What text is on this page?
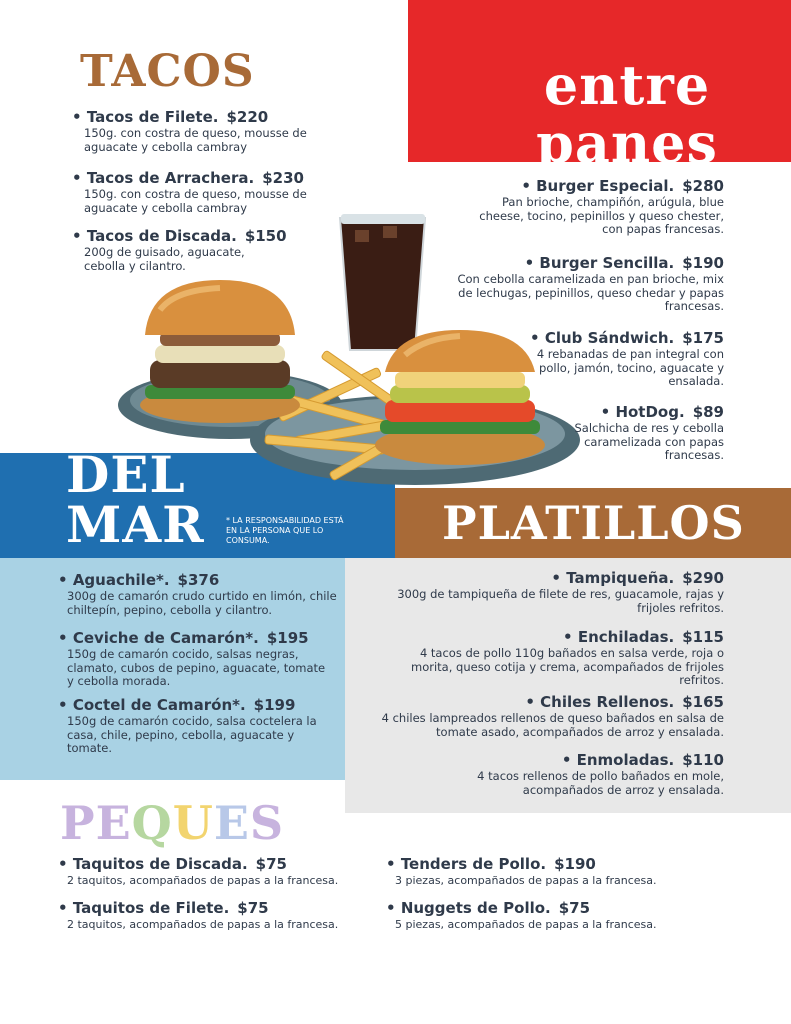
TACOS
• Tacos de Filete. $220
150g. con costra de queso, mousse de aguacate y cebolla cambray
• Tacos de Arrachera. $230
150g. con costra de queso, mousse de aguacate y cebolla cambray
• Tacos de Discada. $150
200g de guisado, aguacate, cebolla y cilantro.
entre
panes
• Burger Especial. $280
Pan brioche, champiñón, arúgula, blue cheese, tocino, pepinillos y queso chester, con papas francesas.
• Burger Sencilla. $190
Con cebolla caramelizada en pan brioche, mix de lechugas, pepinillos, queso chedar y papas francesas.
• Club Sándwich. $175
4 rebanadas de pan integral con pollo, jamón, tocino, aguacate y ensalada.
• HotDog. $89
Salchicha de res y cebolla caramelizada con papas francesas.
DEL
MAR	* LA RESPONSABILIDAD ESTÁ EN LA PERSONA QUE LO CONSUMA.
• Aguachile*. $376
300g de camarón crudo curtido en limón, chile chiltepín, pepino, cebolla y cilantro.
• Ceviche de Camarón*. $195
150g de camarón cocido, salsas negras, clamato, cubos de pepino, aguacate, tomate y cebolla morada.
• Coctel de Camarón*. $199
150g de camarón cocido, salsa coctelera la casa, chile, pepino, cebolla, aguacate y tomate.
PLATILLOS
• Tampiqueña. $290
300g de tampiqueña de filete de res, guacamole, rajas y frijoles refritos.
• Enchiladas. $115
4 tacos de pollo 110g bañados en salsa verde, roja o morita, queso cotija y crema, acompañados de frijoles refritos.
• Chiles Rellenos. $165
4 chiles lampreados rellenos de queso bañados en salsa de tomate asado, acompañados de arroz y ensalada.
• Enmoladas. $110
4 tacos rellenos de pollo bañados en mole, acompañados de arroz y ensalada.
PEQUES
• Taquitos de Discada. $75
2 taquitos, acompañados de papas a la francesa.
• Taquitos de Filete. $75
2 taquitos, acompañados de papas a la francesa.
• Tenders de Pollo. $190
3 piezas, acompañados de papas a la francesa.
• Nuggets de Pollo. $75
5 piezas, acompañados de papas a la francesa.
